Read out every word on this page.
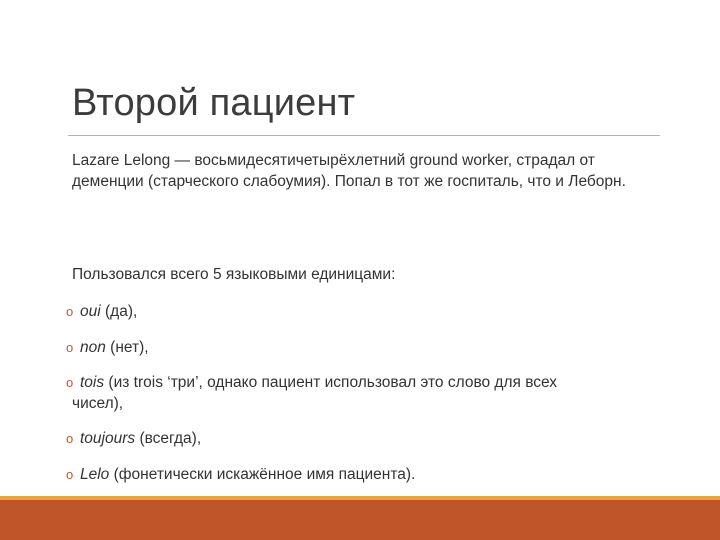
Второй пациент
Lazare Lelong — восьмидесятичетырёхлетний ground worker, страдал от деменции (старческого слабоумия). Попал в тот же госпиталь, что и Леборн.
Пользовался всего 5 языковыми единицами:
o oui (да),
o non (нет),
o tois (из trois ‘три’, однако пациент использовал это слово для всех
чисел),
o toujours (всегда),
o Lelo (фонетически искажённое имя пациента).
